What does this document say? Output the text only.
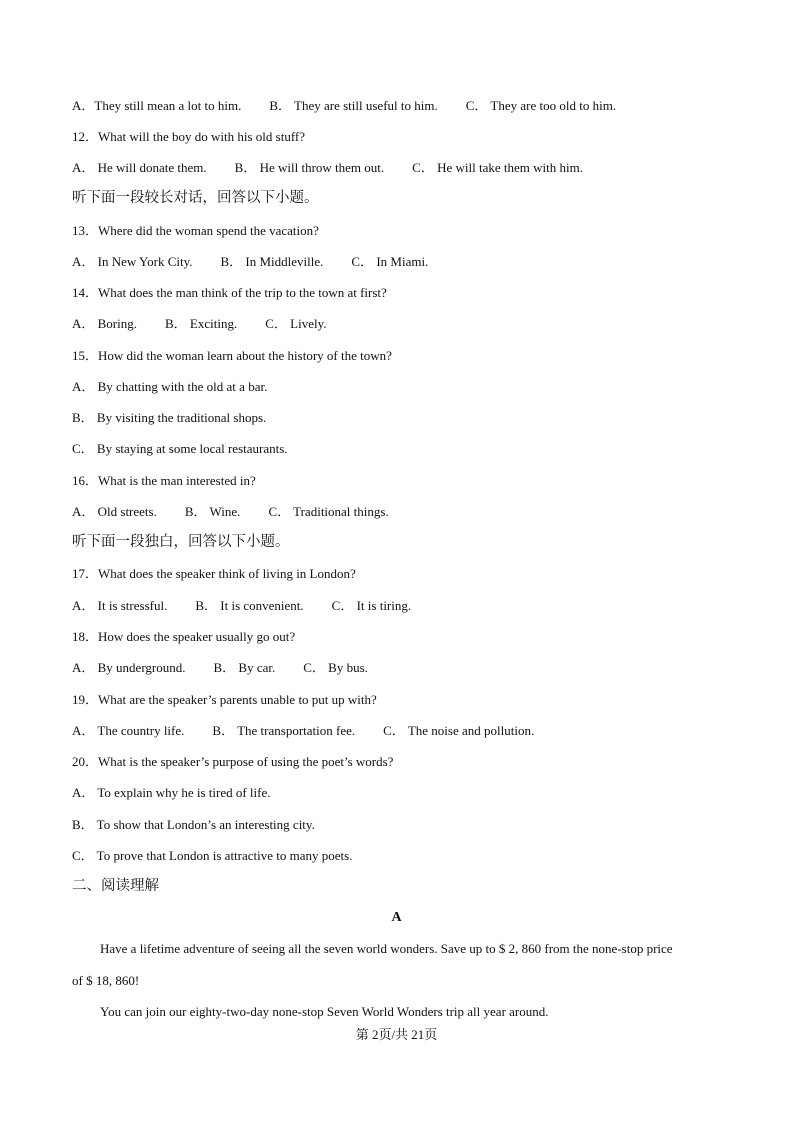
A．They still mean a lot to him. B． They are still useful to him. C． They are too old to him.
12．What will the boy do with his old stuff?
A． He will donate them. B． He will throw them out. C． He will take them with him.
听下面一段较长对话，回答以下小题。
13．Where did the woman spend the vacation?
A． In New York City. B． In Middleville. C． In Miami.
14．What does the man think of the trip to the town at first?
A． Boring. B． Exciting. C． Lively.
15．How did the woman learn about the history of the town?
A． By chatting with the old at a bar.
B． By visiting the traditional shops.
C． By staying at some local restaurants.
16．What is the man interested in?
A． Old streets. B． Wine. C． Traditional things.
听下面一段独白，回答以下小题。
17．What does the speaker think of living in London?
A． It is stressful. B． It is convenient. C． It is tiring.
18．How does the speaker usually go out?
A． By underground. B． By car. C． By bus.
19．What are the speaker’s parents unable to put up with?
A． The country life. B． The transportation fee. C． The noise and pollution.
20．What is the speaker’s purpose of using the poet’s words?
A． To explain why he is tired of life.
B． To show that London’s an interesting city.
C． To prove that London is attractive to many poets.
二、阅读理解
A
Have a lifetime adventure of seeing all the seven world wonders. Save up to $ 2, 860 from the none-stop price
of $ 18, 860!
You can join our eighty-two-day none-stop Seven World Wonders trip all year around.
第 2页/共 21页
